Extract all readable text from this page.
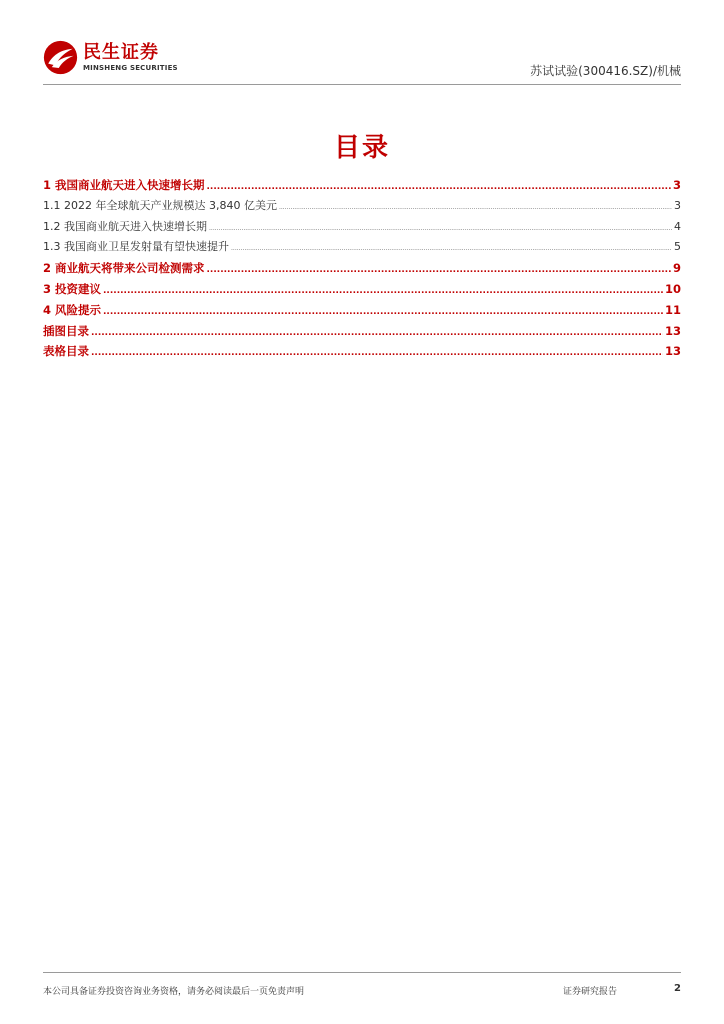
民生证券
MINSHENG SECURITIES	苏试试验(300416.SZ)/机械
目录
1 我国商业航天进入快速增长期 .....	3
1.1 2022 年全球航天产业规模达 3,840 亿美元 .....	3
1.2 我国商业航天进入快速增长期 .....	4
1.3 我国商业卫星发射量有望快速提升 .....	5
2 商业航天将带来公司检测需求 .....	9
3 投资建议 .....	10
4 风险提示 .....	11
插图目录 .....	13
表格目录 .....	13
本公司具备证券投资咨询业务资格，请务必阅读最后一页免责声明	证券研究报告	2
